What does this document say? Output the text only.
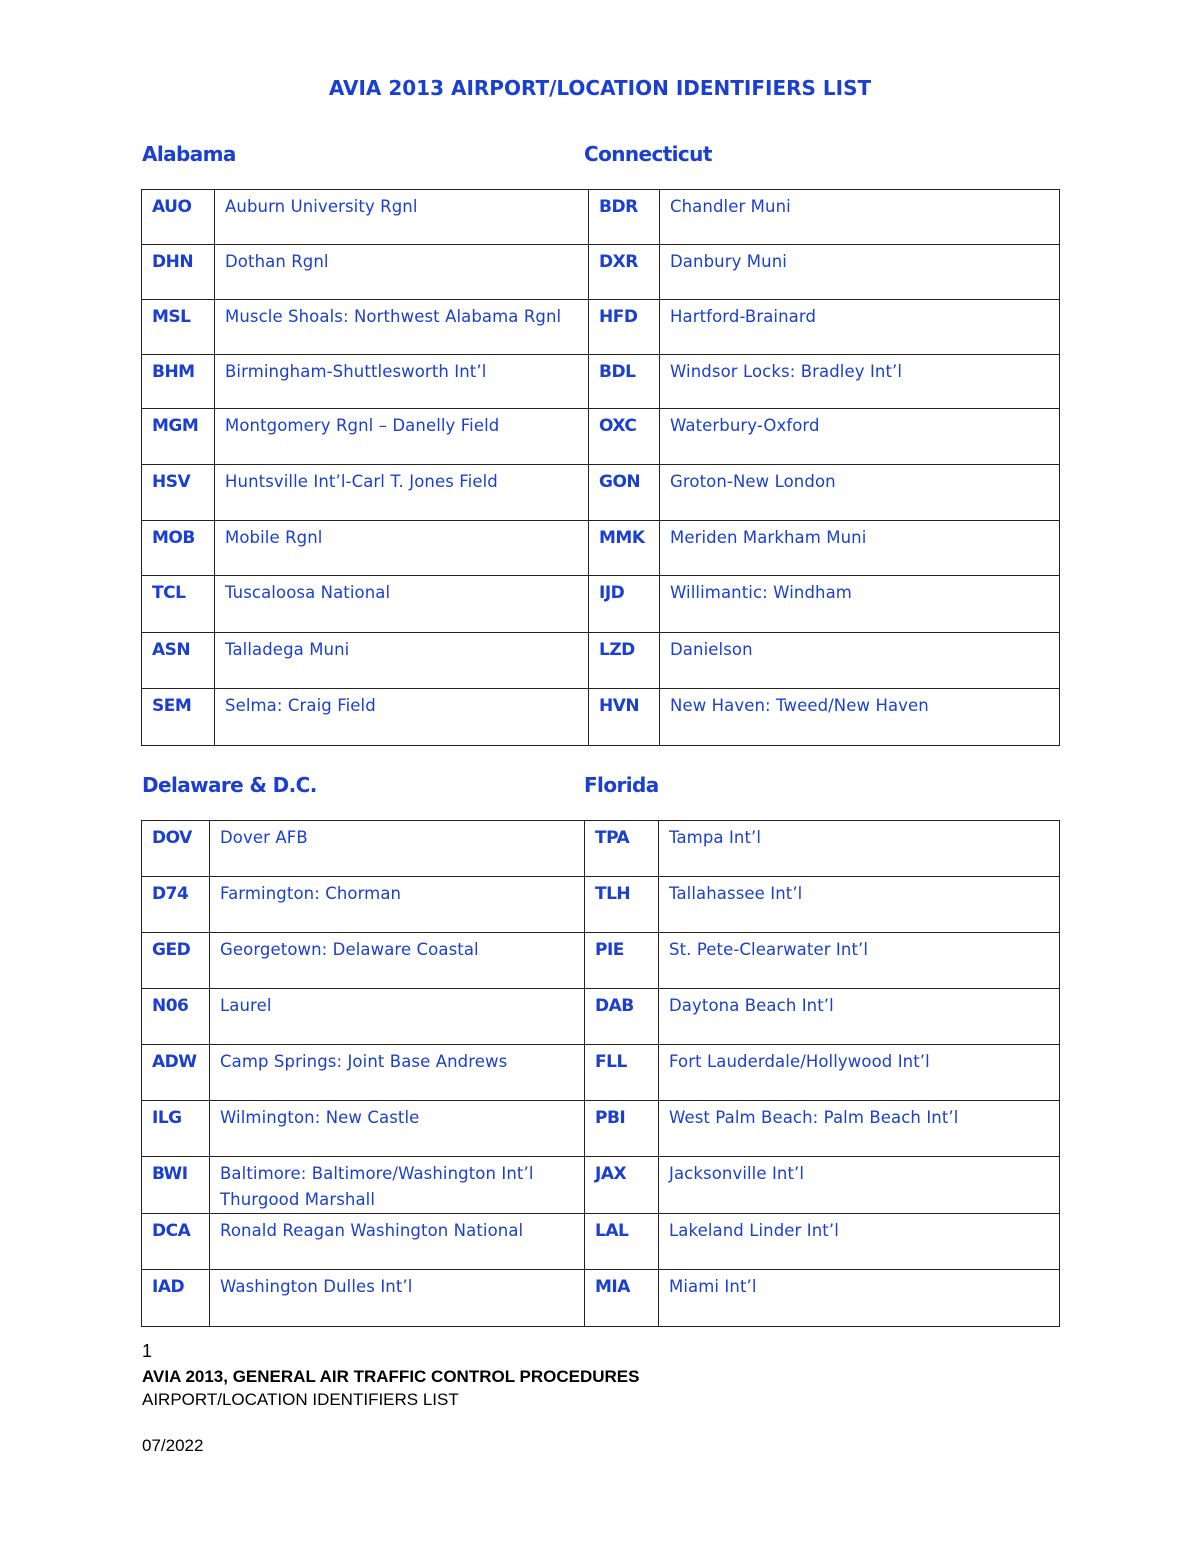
AVIA 2013 AIRPORT/LOCATION IDENTIFIERS LIST
Alabama	Connecticut
AUO	Auburn University Rgnl	BDR	Chandler Muni
DHN	Dothan Rgnl	DXR	Danbury Muni
MSL	Muscle Shoals: Northwest Alabama Rgnl	HFD	Hartford-Brainard
BHM	Birmingham-Shuttlesworth Int’l	BDL	Windsor Locks: Bradley Int’l
MGM	Montgomery Rgnl – Danelly Field	OXC	Waterbury-Oxford
HSV	Huntsville Int’l-Carl T. Jones Field	GON	Groton-New London
MOB	Mobile Rgnl	MMK	Meriden Markham Muni
TCL	Tuscaloosa National	IJD	Willimantic: Windham
ASN	Talladega Muni	LZD	Danielson
SEM	Selma: Craig Field	HVN	New Haven: Tweed/New Haven
Delaware & D.C.	Florida
DOV	Dover AFB	TPA	Tampa Int’l
D74	Farmington: Chorman	TLH	Tallahassee Int’l
GED	Georgetown: Delaware Coastal	PIE	St. Pete-Clearwater Int’l
N06	Laurel	DAB	Daytona Beach Int’l
ADW	Camp Springs: Joint Base Andrews	FLL	Fort Lauderdale/Hollywood Int’l
ILG	Wilmington: New Castle	PBI	West Palm Beach: Palm Beach Int’l
BWI	Baltimore: Baltimore/Washington Int’l Thurgood Marshall	JAX	Jacksonville Int’l
DCA	Ronald Reagan Washington National	LAL	Lakeland Linder Int’l
IAD	Washington Dulles Int’l	MIA	Miami Int’l
1
AVIA 2013, GENERAL AIR TRAFFIC CONTROL PROCEDURES
AIRPORT/LOCATION IDENTIFIERS LIST
07/2022
